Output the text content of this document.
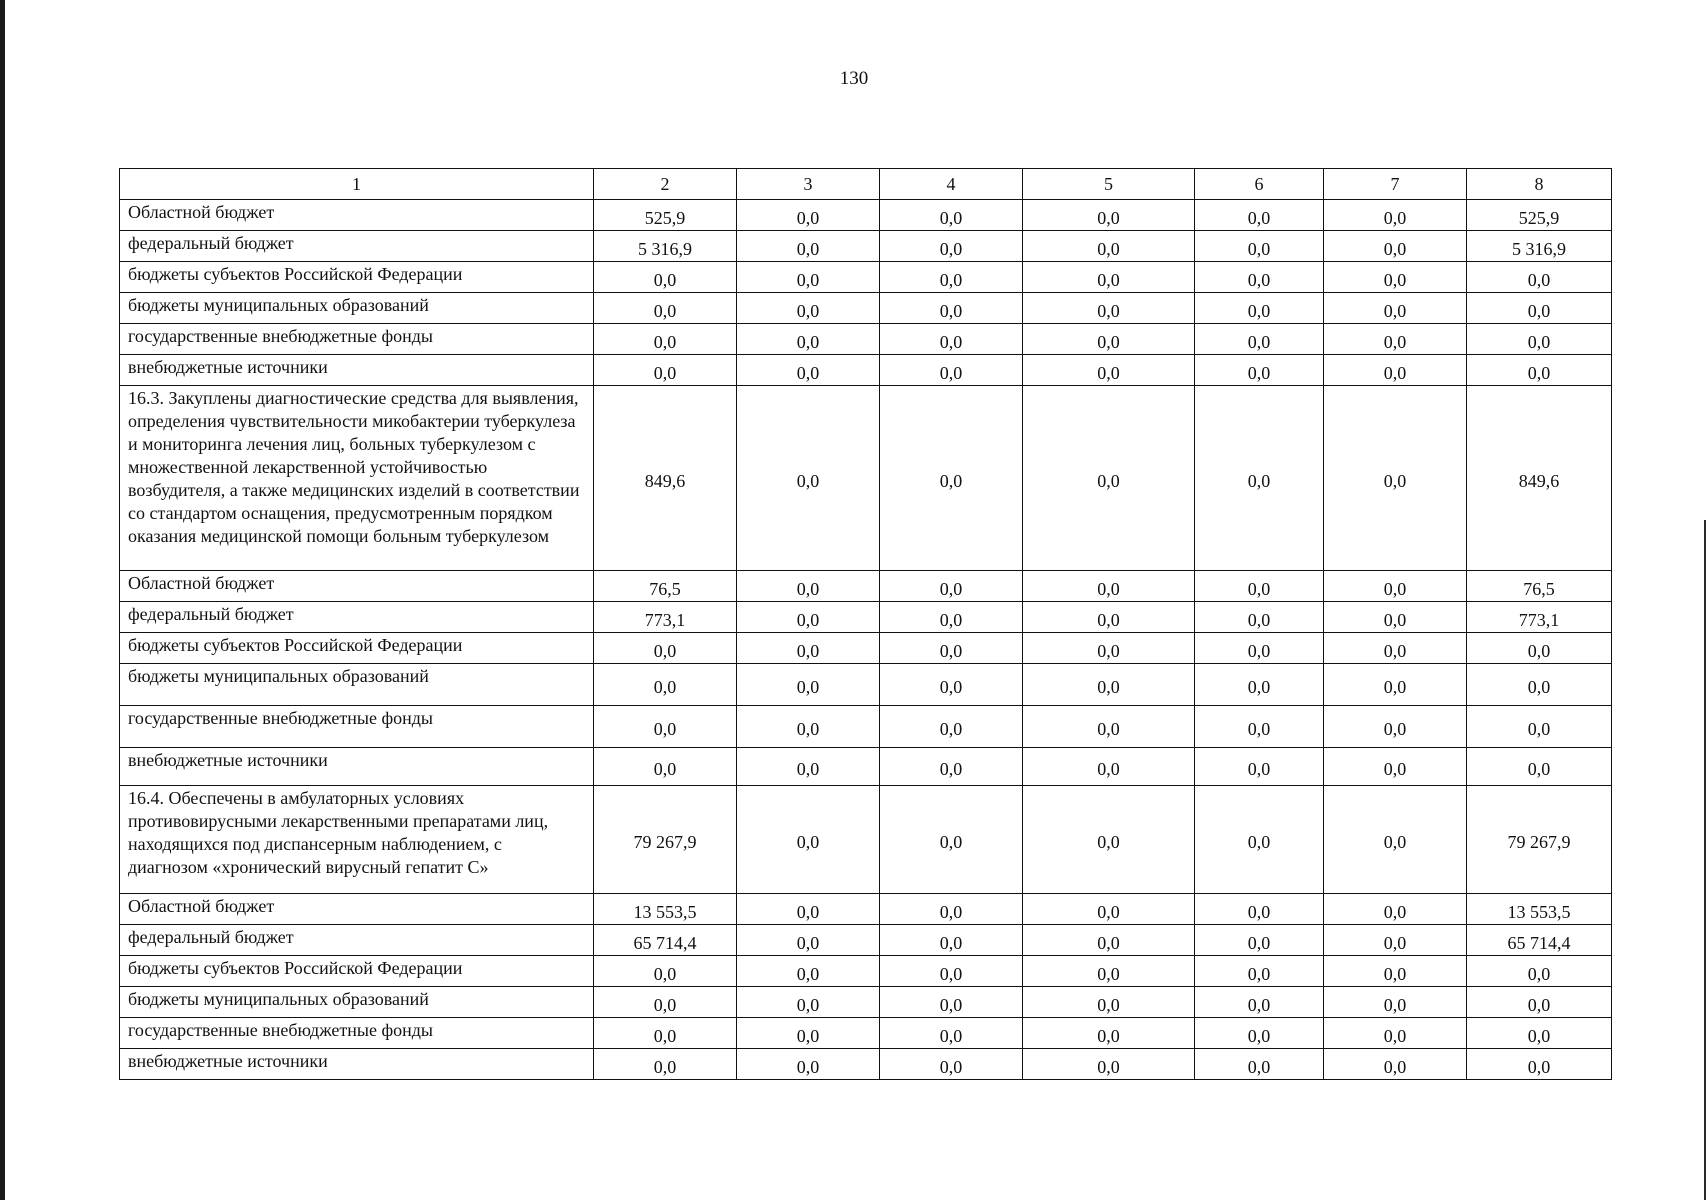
130
1	2	3	4	5	6	7	8
Областной бюджет	525,9	0,0	0,0	0,0	0,0	0,0	525,9
федеральный бюджет	5 316,9	0,0	0,0	0,0	0,0	0,0	5 316,9
бюджеты субъектов Российской Федерации	0,0	0,0	0,0	0,0	0,0	0,0	0,0
бюджеты муниципальных образований	0,0	0,0	0,0	0,0	0,0	0,0	0,0
государственные внебюджетные фонды	0,0	0,0	0,0	0,0	0,0	0,0	0,0
внебюджетные источники	0,0	0,0	0,0	0,0	0,0	0,0	0,0
16.3. Закуплены диагностические средства для выявления, определения чувствительности микобактерии туберкулеза и мониторинга лечения лиц, больных туберкулезом с множественной лекарственной устойчивостью возбудителя, а также медицинских изделий в соответствии со стандартом оснащения, предусмотренным порядком оказания медицинской помощи больным туберкулезом	849,6	0,0	0,0	0,0	0,0	0,0	849,6
Областной бюджет	76,5	0,0	0,0	0,0	0,0	0,0	76,5
федеральный бюджет	773,1	0,0	0,0	0,0	0,0	0,0	773,1
бюджеты субъектов Российской Федерации	0,0	0,0	0,0	0,0	0,0	0,0	0,0
бюджеты муниципальных образований	0,0	0,0	0,0	0,0	0,0	0,0	0,0
государственные внебюджетные фонды	0,0	0,0	0,0	0,0	0,0	0,0	0,0
внебюджетные источники	0,0	0,0	0,0	0,0	0,0	0,0	0,0
16.4. Обеспечены в амбулаторных условиях противовирусными лекарственными препаратами лиц, находящихся под диспансерным наблюдением, с диагнозом «хронический вирусный гепатит С»	79 267,9	0,0	0,0	0,0	0,0	0,0	79 267,9
Областной бюджет	13 553,5	0,0	0,0	0,0	0,0	0,0	13 553,5
федеральный бюджет	65 714,4	0,0	0,0	0,0	0,0	0,0	65 714,4
бюджеты субъектов Российской Федерации	0,0	0,0	0,0	0,0	0,0	0,0	0,0
бюджеты муниципальных образований	0,0	0,0	0,0	0,0	0,0	0,0	0,0
государственные внебюджетные фонды	0,0	0,0	0,0	0,0	0,0	0,0	0,0
внебюджетные источники	0,0	0,0	0,0	0,0	0,0	0,0	0,0
